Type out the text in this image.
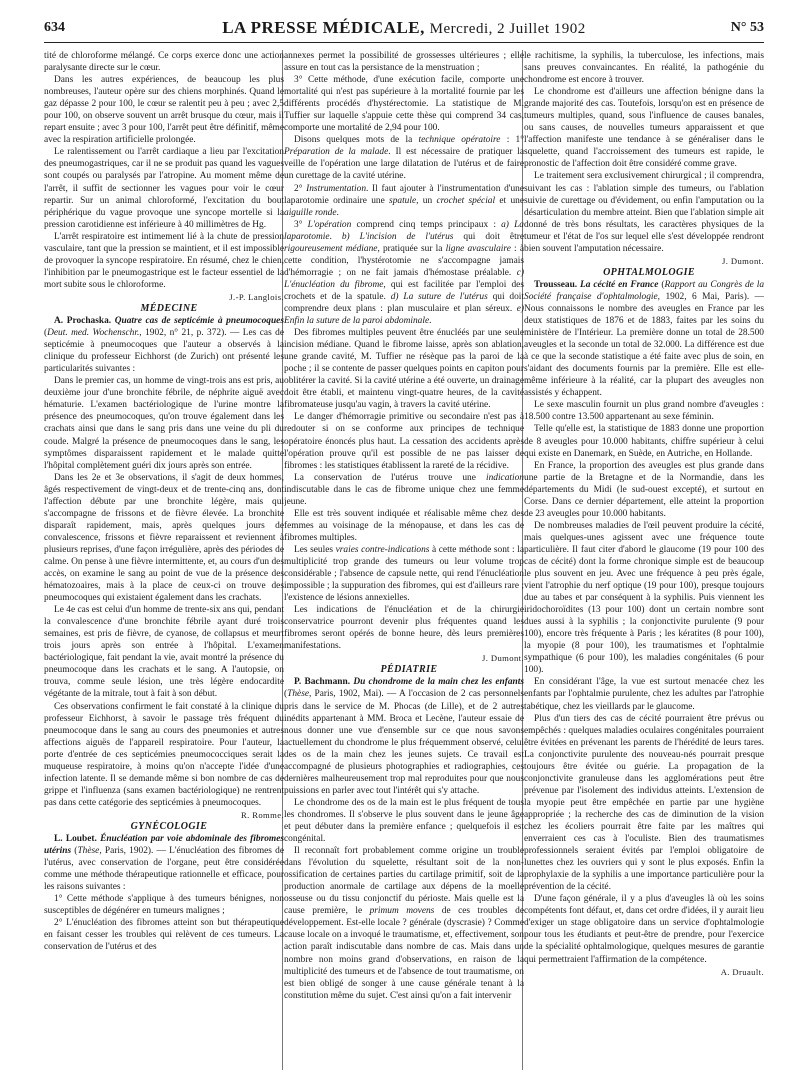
634	LA PRESSE MÉDICALE, Mercredi, 2 Juillet 1902	N° 53

tité de chloroforme mélangé. Ce corps exerce donc une action paralysante directe sur le cœur.

Dans les autres expériences, de beaucoup les plus nombreuses, l'auteur opère sur des chiens morphinés. Quand le gaz dépasse 2 pour 100, le cœur se ralentit peu à peu ; avec 2,5 pour 100, on observe souvent un arrêt brusque du cœur, mais il repart ensuite ; avec 3 pour 100, l'arrêt peut être définitif, même avec la respiration artificielle prolongée.

Le ralentissement ou l'arrêt cardiaque a lieu par l'excitation des pneumogastriques, car il ne se produit pas quand les vagues sont coupés ou paralysés par l'atropine. Au moment même de l'arrêt, il suffit de sectionner les vagues pour voir le cœur repartir. Sur un animal chloroformé, l'excitation du bout périphérique du vague provoque une syncope mortelle si la pression carotidienne est inférieure à 40 millimètres de Hg.

L'arrêt respiratoire est intimement lié à la chute de pression vasculaire, tant que la pression se maintient, et il est impossible de provoquer la syncope respiratoire. En résumé, chez le chien, l'inhibition par le pneumogastrique est le facteur essentiel de la mort subite sous le chloroforme.

J.-P. Langlois.

MÉDECINE

A. Prochaska. Quatre cas de septicémie à pneumocoques (Deut. med. Wochenschr., 1902, n° 21, p. 372). — Les cas de septicémie à pneumocoques que l'auteur a observés à la clinique du professeur Eichhorst (de Zurich) ont présenté les particularités suivantes :

Dans le premier cas, un homme de vingt-trois ans est pris, au deuxième jour d'une bronchite fébrile, de néphrite aiguë avec hématurie. L'examen bactériologique de l'urine montre la présence des pneumocoques, qu'on trouve également dans les crachats ainsi que dans le sang pris dans une veine du pli du coude. Malgré la présence de pneumocoques dans le sang, les symptômes disparaissent rapidement et le malade quitte l'hôpital complètement guéri dix jours après son entrée.

Dans les 2e et 3e observations, il s'agit de deux hommes, âgés respectivement de vingt-deux et de trente-cinq ans, dont l'affection débute par une bronchite légère, mais qui s'accompagne de frissons et de fièvre élevée. La bronchite disparaît rapidement, mais, après quelques jours de convalescence, frissons et fièvre reparaissent et reviennent à plusieurs reprises, d'une façon irrégulière, après des périodes de calme. On pense à une fièvre intermittente, et, au cours d'un des accès, on examine le sang au point de vue de la présence des hématozoaires, mais à la place de ceux-ci on trouve des pneumocoques qui existaient également dans les crachats.

Le 4e cas est celui d'un homme de trente-six ans qui, pendant la convalescence d'une bronchite fébrile ayant duré trois semaines, est pris de fièvre, de cyanose, de collapsus et meurt trois jours après son entrée à l'hôpital. L'examen bactériologique, fait pendant la vie, avait montré la présence du pneumocoque dans les crachats et le sang. A l'autopsie, on trouva, comme seule lésion, une très légère endocardite végétante de la mitrale, tout à fait à son début.

Ces observations confirment le fait constaté à la clinique du professeur Eichhorst, à savoir le passage très fréquent du pneumocoque dans le sang au cours des pneumonies et autres affections aiguës de l'appareil respiratoire. Pour l'auteur, la porte d'entrée de ces septicémies pneumococciques serait la muqueuse respiratoire, à moins qu'on n'accepte l'idée d'une infection latente. Il se demande même si bon nombre de cas de grippe et l'influenza (sans examen bactériologique) ne rentrent pas dans cette catégorie des septicémies à pneumocoques.

R. Romme.

GYNÉCOLOGIE

L. Loubet. Énucléation par voie abdominale des fibromes utérins (Thèse, Paris, 1902). — L'énucléation des fibromes de l'utérus, avec conservation de l'organe, peut être considérée comme une méthode thérapeutique rationnelle et efficace, pour les raisons suivantes :

1° Cette méthode s'applique à des tumeurs bénignes, non susceptibles de dégénérer en tumeurs malignes ;

2° L'énucléation des fibromes atteint son but thérapeutique en faisant cesser les troubles qui relèvent de ces tumeurs. La conservation de l'utérus et des

annexes permet la possibilité de grossesses ultérieures ; elle assure en tout cas la persistance de la menstruation ;

3° Cette méthode, d'une exécution facile, comporte une mortalité qui n'est pas supérieure à la mortalité fournie par les différents procédés d'hystérectomie. La statistique de M. Tuffier sur laquelle s'appuie cette thèse qui comprend 34 cas, comporte une mortalité de 2,94 pour 100.

Disons quelques mots de la technique opératoire : 1° Préparation de la malade. Il est nécessaire de pratiquer la veille de l'opération une large dilatation de l'utérus et de faire un curettage de la cavité utérine.

2° Instrumentation. Il faut ajouter à l'instrumentation d'une laparotomie ordinaire une spatule, un crochet spécial et une aiguille ronde.

3° L'opération comprend cinq temps principaux : a) La laparotomie. b) L'incision de l'utérus qui doit être rigoureusement médiane, pratiquée sur la ligne avasculaire : à cette condition, l'hystérotomie ne s'accompagne jamais d'hémorragie ; on ne fait jamais d'hémostase préalable. c) L'énucléation du fibrome, qui est facilitée par l'emploi des crochets et de la spatule. d) La suture de l'utérus qui doit comprendre deux plans : plan musculaire et plan séreux. e) Enfin la suture de la paroi abdominale.

Des fibromes multiples peuvent être énucléés par une seule incision médiane. Quand le fibrome laisse, après son ablation, une grande cavité, M. Tuffier ne résèque pas la paroi de la poche ; il se contente de passer quelques points en capiton pour oblitérer la cavité. Si la cavité utérine a été ouverte, un drainage doit être établi, et maintenu vingt-quatre heures, de la cavité fibromateuse jusqu'au vagin, à travers la cavité utérine.

Le danger d'hémorragie primitive ou secondaire n'est pas à redouter si on se conforme aux principes de technique opératoire énoncés plus haut. La cessation des accidents après l'opération prouve qu'il est possible de ne pas laisser de fibromes : les statistiques établissent la rareté de la récidive.

La conservation de l'utérus trouve une indication indiscutable dans le cas de fibrome unique chez une femme jeune.

Elle est très souvent indiquée et réalisable même chez des femmes au voisinage de la ménopause, et dans les cas de fibromes multiples.

Les seules vraies contre-indications à cette méthode sont : la multiplicité trop grande des tumeurs ou leur volume trop considérable ; l'absence de capsule nette, qui rend l'énucléation impossible ; la suppuration des fibromes, qui est d'ailleurs rare ; l'existence de lésions annexielles.

Les indications de l'énucléation et de la chirurgie conservatrice pourront devenir plus fréquentes quand les fibromes seront opérés de bonne heure, dès leurs premières manifestations.

J. Dumont.

PÉDIATRIE

P. Bachmann. Du chondrome de la main chez les enfants (Thèse, Paris, 1902, Mai). — A l'occasion de 2 cas personnels pris dans le service de M. Phocas (de Lille), et de 2 autres inédits appartenant à MM. Broca et Lecène, l'auteur essaie de nous donner une vue d'ensemble sur ce que nous savons actuellement du chondrome le plus fréquemment observé, celui des os de la main chez les jeunes sujets. Ce travail est accompagné de plusieurs photographies et radiographies, ces dernières malheureusement trop mal reproduites pour que nous puissions en parler avec tout l'intérêt qui s'y attache.

Le chondrome des os de la main est le plus fréquent de tous les chondromes. Il s'observe le plus souvent dans le jeune âge et peut débuter dans la première enfance ; quelquefois il est congénital.

Il reconnaît fort probablement comme origine un trouble dans l'évolution du squelette, résultant soit de la non-ossification de certaines parties du cartilage primitif, soit de la production anormale de cartilage aux dépens de la moelle osseuse ou du tissu conjonctif du périoste. Mais quelle est la cause première, le primum movens de ces troubles de développement. Est-elle locale ? générale (dyscrasie) ? Comme cause locale on a invoqué le traumatisme, et, effectivement, son action paraît indiscutable dans nombre de cas. Mais dans un nombre non moins grand d'observations, en raison de la multiplicité des tumeurs et de l'absence de tout traumatisme, on est bien obligé de songer à une cause générale tenant à la constitution même du sujet. C'est ainsi qu'on a fait intervenir

le rachitisme, la syphilis, la tuberculose, les infections, mais sans preuves convaincantes. En réalité, la pathogénie du chondrome est encore à trouver.

Le chondrome est d'ailleurs une affection bénigne dans la grande majorité des cas. Toutefois, lorsqu'on est en présence de tumeurs multiples, quand, sous l'influence de causes banales, ou sans causes, de nouvelles tumeurs apparaissent et que l'affection manifeste une tendance à se généraliser dans le squelette, quand l'accroissement des tumeurs est rapide, le pronostic de l'affection doit être considéré comme grave.

Le traitement sera exclusivement chirurgical ; il comprendra, suivant les cas : l'ablation simple des tumeurs, ou l'ablation suivie de curettage ou d'évidement, ou enfin l'amputation ou la désarticulation du membre atteint. Bien que l'ablation simple ait donné de très bons résultats, les caractères physiques de la tumeur et l'état de l'os sur lequel elle s'est développée rendront bien souvent l'amputation nécessaire.

J. Dumont.

OPHTALMOLOGIE

Trousseau. La cécité en France (Rapport au Congrès de la Société française d'ophtalmologie, 1902, 6 Mai, Paris). — Nous connaissons le nombre des aveugles en France par les deux statistiques de 1876 et de 1883, faites par les soins du ministère de l'Intérieur. La première donne un total de 28.500 aveugles et la seconde un total de 32.000. La différence est due à ce que la seconde statistique a été faite avec plus de soin, en s'aidant des documents fournis par la première. Elle est elle-même inférieure à la réalité, car la plupart des aveugles non assistés y échappent.

Le sexe masculin fournit un plus grand nombre d'aveugles : 18.500 contre 13.500 appartenant au sexe féminin.

Telle qu'elle est, la statistique de 1883 donne une proportion de 8 aveugles pour 10.000 habitants, chiffre supérieur à celui qui existe en Danemark, en Suède, en Autriche, en Hollande.

En France, la proportion des aveugles est plus grande dans une partie de la Bretagne et de la Normandie, dans les départements du Midi (le sud-ouest excepté), et surtout en Corse. Dans ce dernier département, elle atteint la proportion de 23 aveugles pour 10.000 habitants.

De nombreuses maladies de l'œil peuvent produire la cécité, mais quelques-unes agissent avec une fréquence toute particulière. Il faut citer d'abord le glaucome (19 pour 100 des cas de cécité) dont la forme chronique simple est de beaucoup le plus souvent en jeu. Avec une fréquence à peu près égale, vient l'atrophie du nerf optique (19 pour 100), presque toujours due au tabes et par conséquent à la syphilis. Puis viennent les iridochoroïdites (13 pour 100) dont un certain nombre sont dues aussi à la syphilis ; la conjonctivite purulente (9 pour 100), encore très fréquente à Paris ; les kératites (8 pour 100), la myopie (8 pour 100), les traumatismes et l'ophtalmie sympathique (6 pour 100), les maladies congénitales (6 pour 100).

En considérant l'âge, la vue est surtout menacée chez les enfants par l'ophtalmie purulente, chez les adultes par l'atrophie tabétique, chez les vieillards par le glaucome.

Plus d'un tiers des cas de cécité pourraient être prévus ou empêchés : quelques maladies oculaires congénitales pourraient être évitées en prévenant les parents de l'hérédité de leurs tares. La conjonctivite purulente des nouveau-nés pourrait presque toujours être évitée ou guérie. La propagation de la conjonctivite granuleuse dans les agglomérations peut être prévenue par l'isolement des individus atteints. L'extension de la myopie peut être empêchée en partie par une hygiène appropriée ; la recherche des cas de diminution de la vision chez les écoliers pourrait être faite par les maîtres qui enverraient ces cas à l'oculiste. Bien des traumatismes professionnels seraient évités par l'emploi obligatoire de lunettes chez les ouvriers qui y sont le plus exposés. Enfin la prophylaxie de la syphilis a une importance particulière pour la prévention de la cécité.

D'une façon générale, il y a plus d'aveugles là où les soins compétents font défaut, et, dans cet ordre d'idées, il y aurait lieu d'exiger un stage obligatoire dans un service d'ophtalmologie pour tous les étudiants et peut-être de prendre, pour l'exercice de la spécialité ophtalmologique, quelques mesures de garantie qui permettraient l'affirmation de la compétence.

A. Druault.
